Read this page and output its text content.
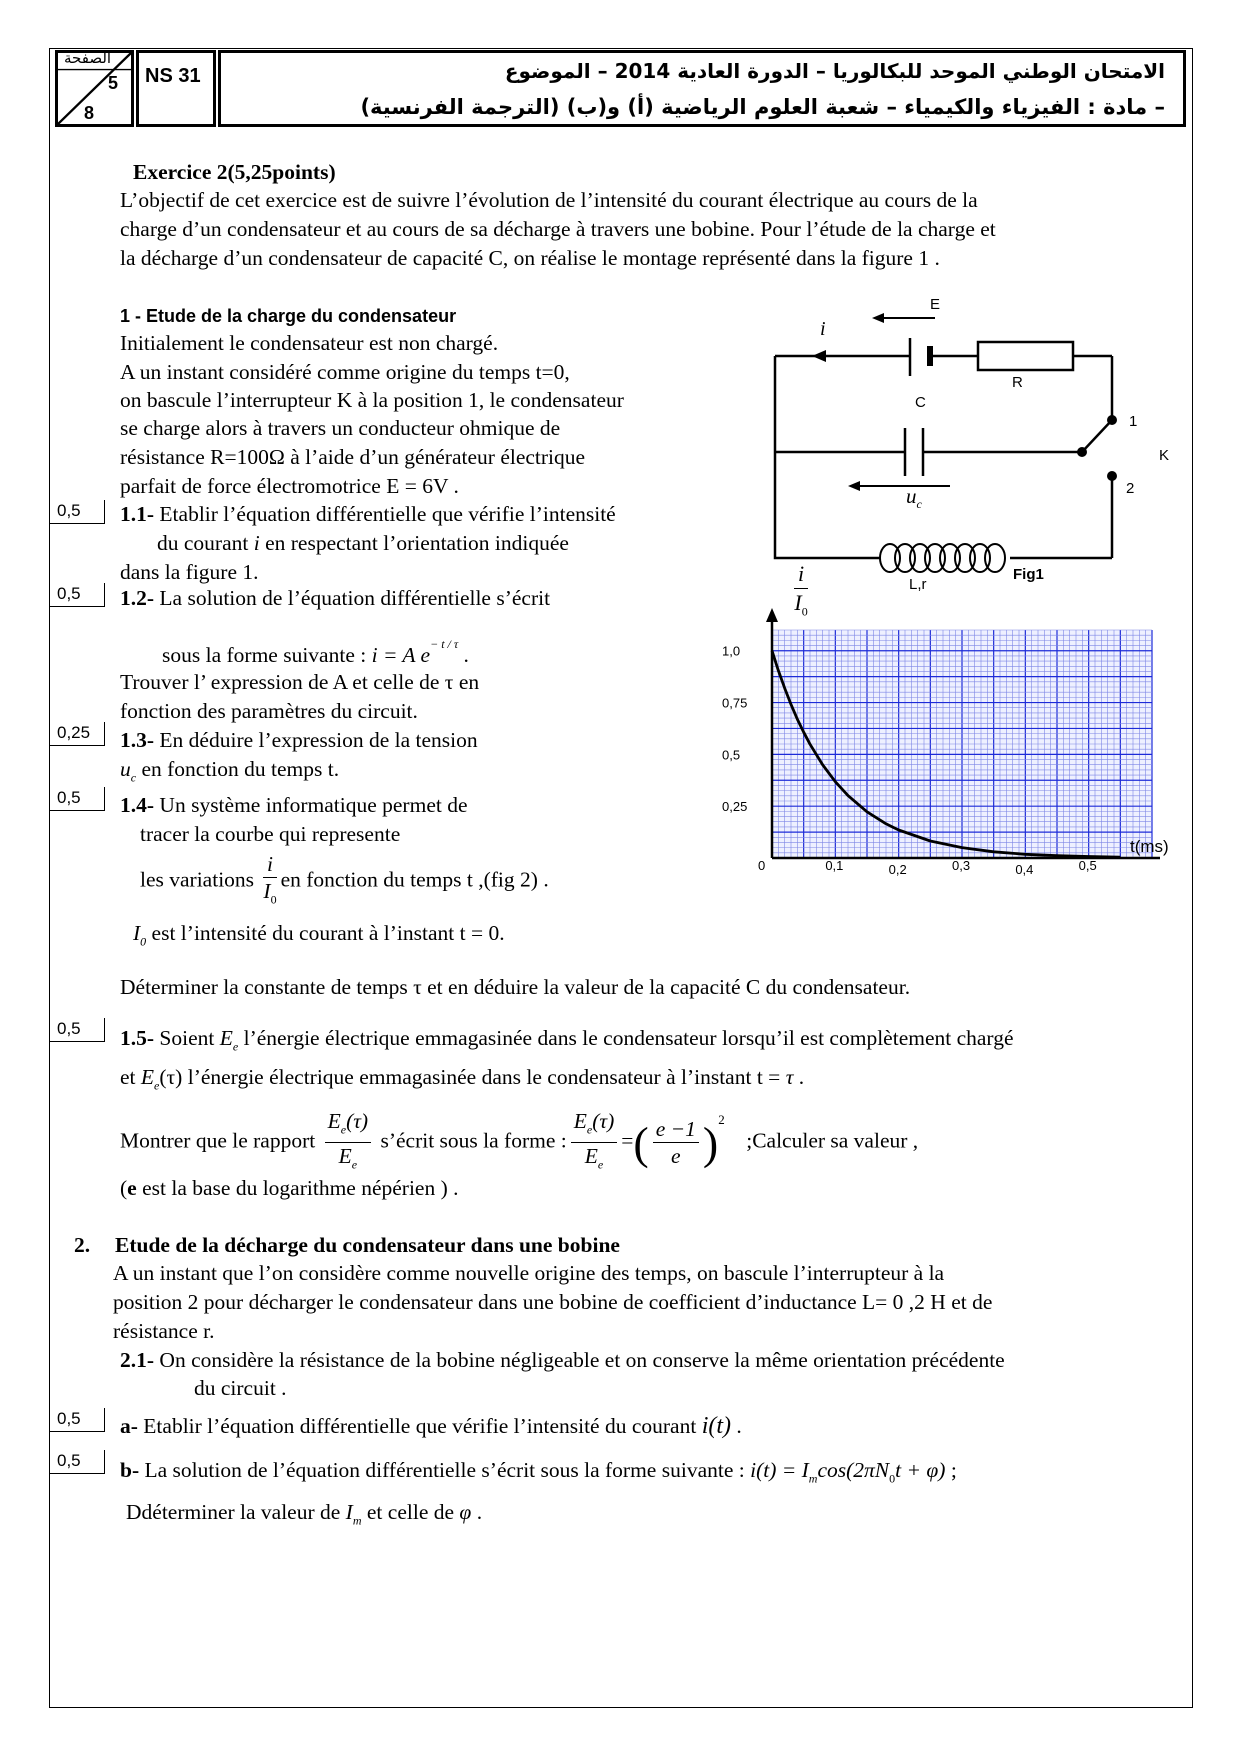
الصفحة
5
8
NS 31	الامتحان الوطني الموحد للبكالوريا – الدورة العادية 2014 – الموضوع
– مادة : الفيزياء والكيمياء – شعبة العلوم الرياضية (أ) و(ب) (الترجمة الفرنسية)
Exercice 2(5,25points)
L’objectif de cet exercice est de suivre l’évolution de l’intensité du courant électrique au cours de la
charge d’un condensateur et au cours de sa décharge à travers une bobine. Pour l’étude de la charge et
la décharge d’un condensateur de capacité C, on réalise le montage représenté dans la figure 1 .
1 - Etude de la charge du condensateur
Initialement le condensateur est non chargé.
A un instant considéré comme origine du temps t=0,
on bascule l’interrupteur K à la position 1, le condensateur
se charge alors à travers un conducteur ohmique de
résistance R=100Ω à l’aide d’un générateur électrique
parfait de force électromotrice E = 6V .
0,5	1.1- Etablir l’équation différentielle que vérifie l’intensité
du courant i en respectant l’orientation indiquée
dans la figure 1.
0,5	1.2- La solution de l’équation différentielle s’écrit
sous la forme suivante : i = A $e^{- t / \tau}$ .
Trouver l’ expression de A et celle de τ en
fonction des paramètres du circuit.
0,25	1.3- En déduire l’expression de la tension
$u_c$ en fonction du temps t.
0,5	1.4- Un système informatique permet de
tracer la courbe qui represente
les variations $\frac{i}{I_0}$ en fonction du temps t ,(fig 2) .
$I_0$ est l’intensité du courant à l’instant t = 0.
Déterminer la constante de temps τ et en déduire la valeur de la capacité C du condensateur.
0,5	1.5- Soient $E_e$ l’énergie électrique emmagasinée dans le condensateur lorsqu’il est complètement chargé
et $E_e(\tau)$ l’énergie électrique emmagasinée dans le condensateur à l’instant t = τ .
Montrer que le rapport $\frac{E_e(\tau)}{E_e}$ s’écrit sous la forme : $\frac{E_e(\tau)}{E_e}$ =( $\frac{e -1}{e} )^2$    ;Calculer sa valeur ,
(e est la base du logarithme népérien ) .
2. Etude de la décharge du condensateur dans une bobine
A un instant que l’on considère comme nouvelle origine des temps, on bascule l’interrupteur à la
position 2 pour décharger le condensateur dans une bobine de coefficient d’inductance L= 0 ,2 H et de
résistance r.
2.1- On considère la résistance de la bobine négligeable et on conserve la même orientation précédente
du circuit .
0,5	a- Etablir l’équation différentielle que vérifie l’intensité du courant i(t) .
0,5	b- La solution de l’équation différentielle s’écrit sous la forme suivante : $i(t) = I_m\cos(2\pi N_0t + \varphi)$ ;
Ddéterminer la valeur de $I_m$ et celle de φ .
i
E
R
C
$u_c$
1
2
K
L,r
Fig1
i
$I_0$
0,1	0,2	0,3	0,4	0,5
0,25
0,5
0,75
1,0
0
t(ms)
